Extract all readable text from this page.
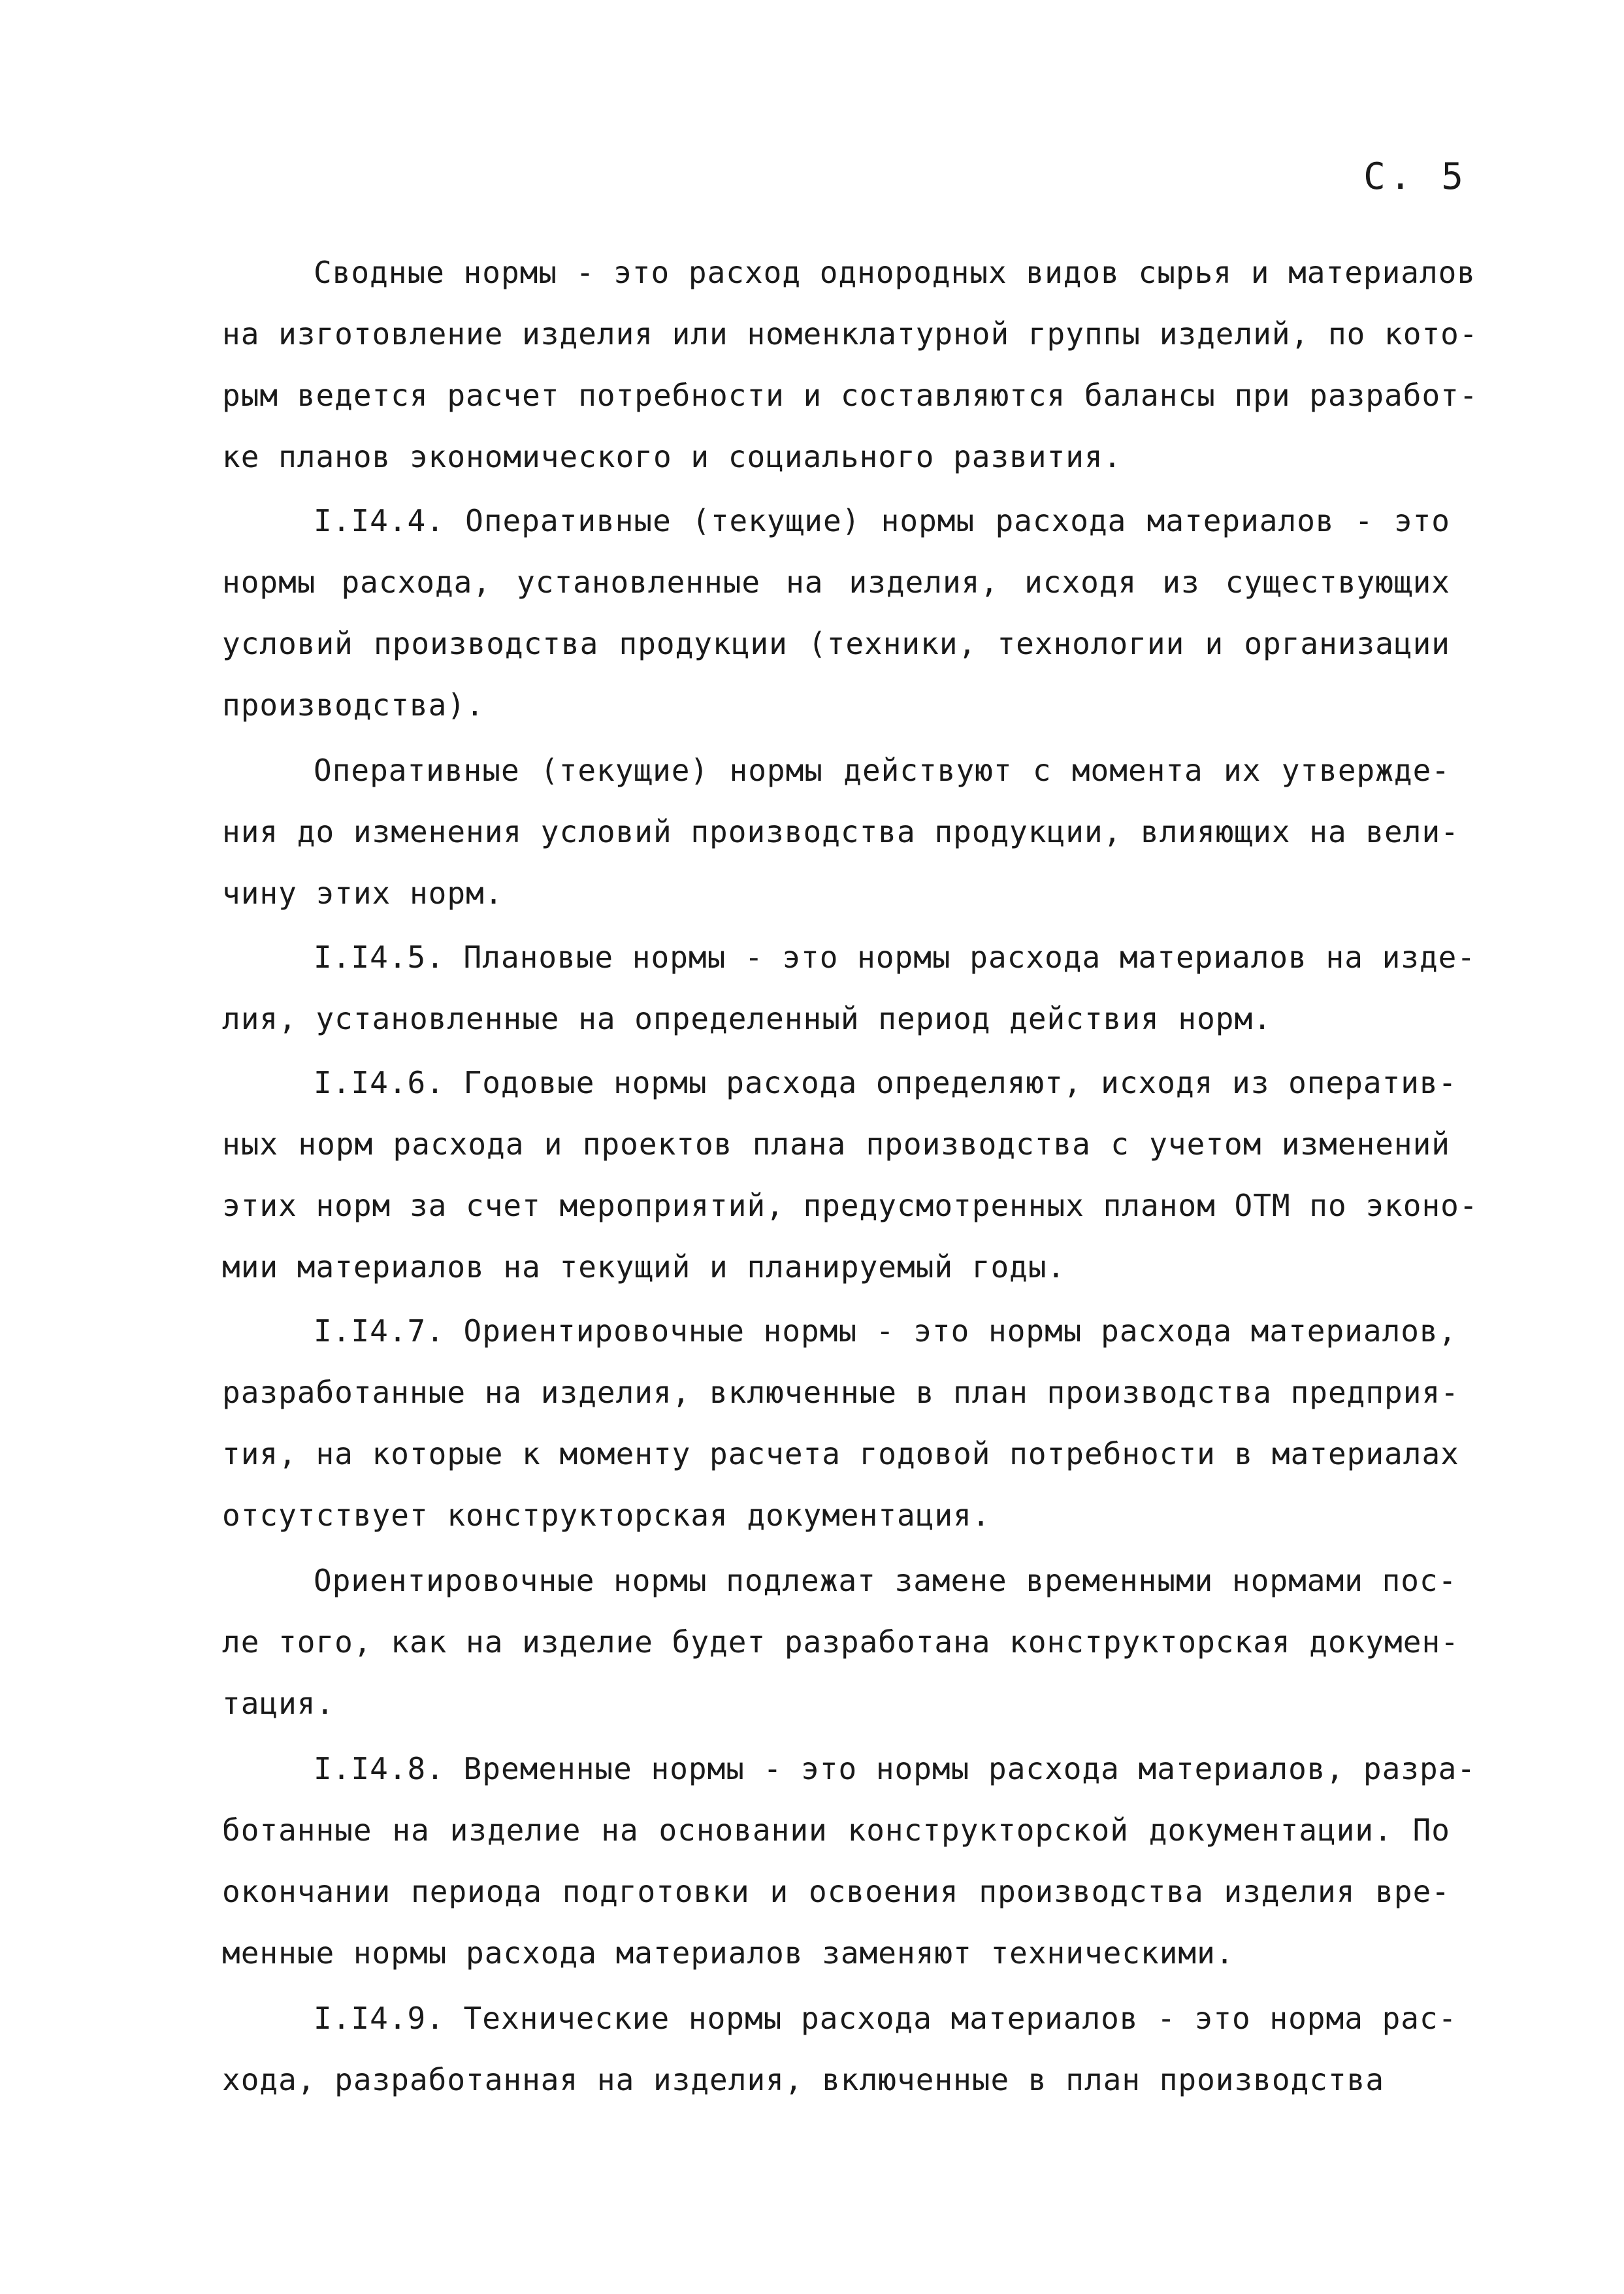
С. 5
Сводные нормы - это расход однородных видов сырья и материалов
на изготовление изделия или номенклатурной группы изделий, по кото-
рым ведется расчет потребности и составляются балансы при разработ-
ке планов экономического и социального развития.
I.I4.4. Оперативные (текущие) нормы расхода материалов - это
нормы расхода, установленные на изделия, исходя из существующих
условий производства продукции (техники, технологии и организации
производства).
Оперативные (текущие) нормы действуют с момента их утвержде-
ния до изменения условий производства продукции, влияющих на вели-
чину этих норм.
I.I4.5. Плановые нормы - это нормы расхода материалов на изде-
лия, установленные на определенный период действия норм.
I.I4.6. Годовые нормы расхода определяют, исходя из оператив-
ных норм расхода и проектов плана производства с учетом изменений
этих норм за счет мероприятий, предусмотренных планом ОТМ по эконо-
мии материалов на текущий и планируемый годы.
I.I4.7. Ориентировочные нормы - это нормы расхода материалов,
разработанные на изделия, включенные в план производства предприя-
тия, на которые к моменту расчета годовой потребности в материалах
отсутствует конструкторская документация.
Ориентировочные нормы подлежат замене временными нормами пос-
ле того, как на изделие будет разработана конструкторская докумен-
тация.
I.I4.8. Временные нормы - это нормы расхода материалов, разра-
ботанные на изделие на основании конструкторской документации. По
окончании периода подготовки и освоения производства изделия вре-
менные нормы расхода материалов заменяют техническими.
I.I4.9. Технические нормы расхода материалов - это норма рас-
хода, разработанная на изделия, включенные в план производства
